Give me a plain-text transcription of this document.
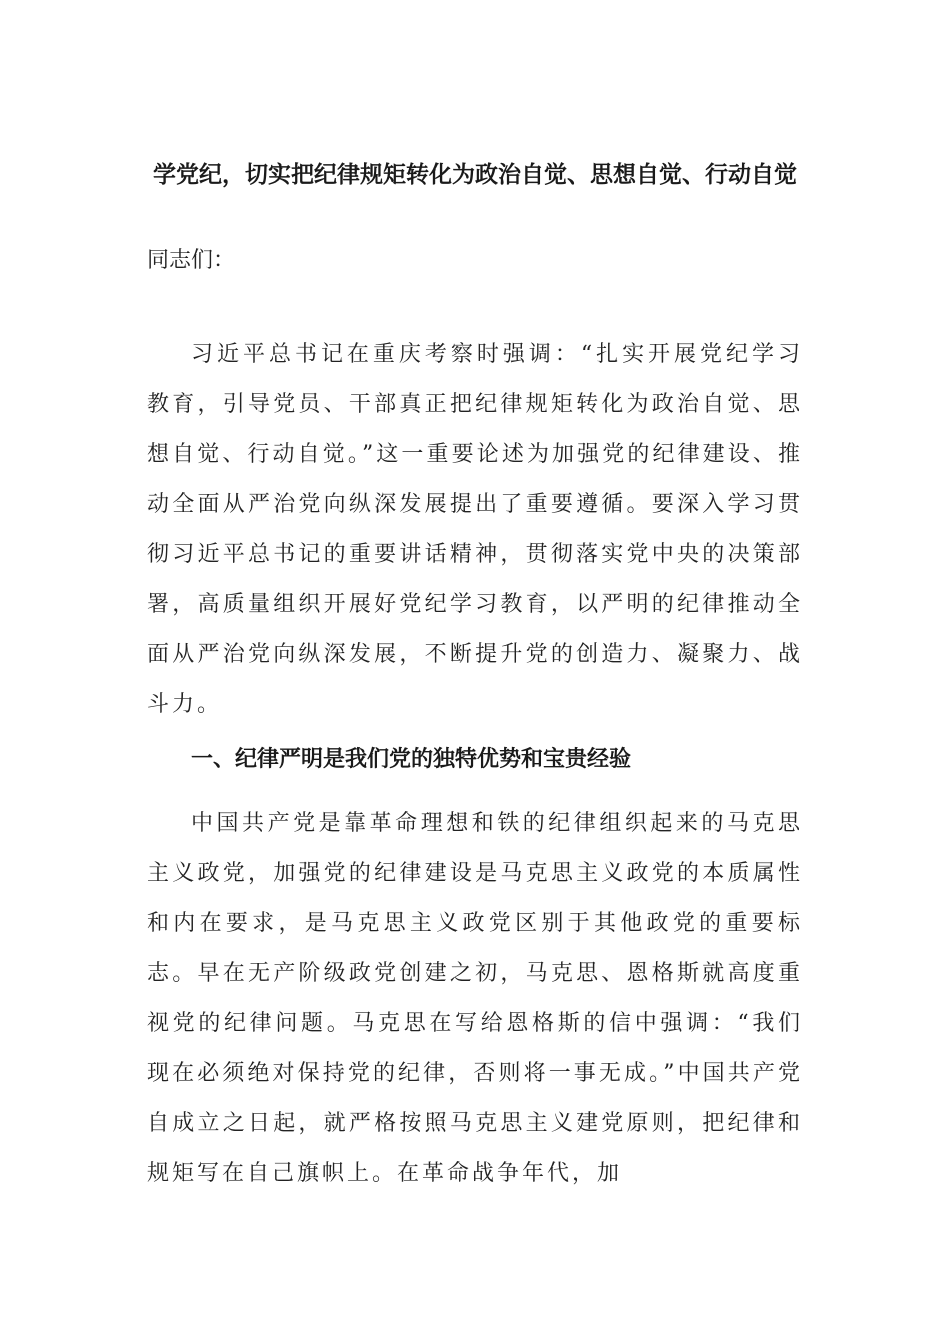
学党纪，切实把纪律规矩转化为政治自觉、思想自觉、行动自觉

同志们：

习近平总书记在重庆考察时强调：“扎实开展党纪学习教育，引导党员、干部真正把纪律规矩转化为政治自觉、思想自觉、行动自觉。”这一重要论述为加强党的纪律建设、推动全面从严治党向纵深发展提出了重要遵循。要深入学习贯彻习近平总书记的重要讲话精神，贯彻落实党中央的决策部署，高质量组织开展好党纪学习教育，以严明的纪律推动全面从严治党向纵深发展，不断提升党的创造力、凝聚力、战斗力。

一、纪律严明是我们党的独特优势和宝贵经验

中国共产党是靠革命理想和铁的纪律组织起来的马克思主义政党，加强党的纪律建设是马克思主义政党的本质属性和内在要求，是马克思主义政党区别于其他政党的重要标志。早在无产阶级政党创建之初，马克思、恩格斯就高度重视党的纪律问题。马克思在写给恩格斯的信中强调：“我们现在必须绝对保持党的纪律，否则将一事无成。”中国共产党自成立之日起，就严格按照马克思主义建党原则，把纪律和规矩写在自己旗帜上。在革命战争年代，加
